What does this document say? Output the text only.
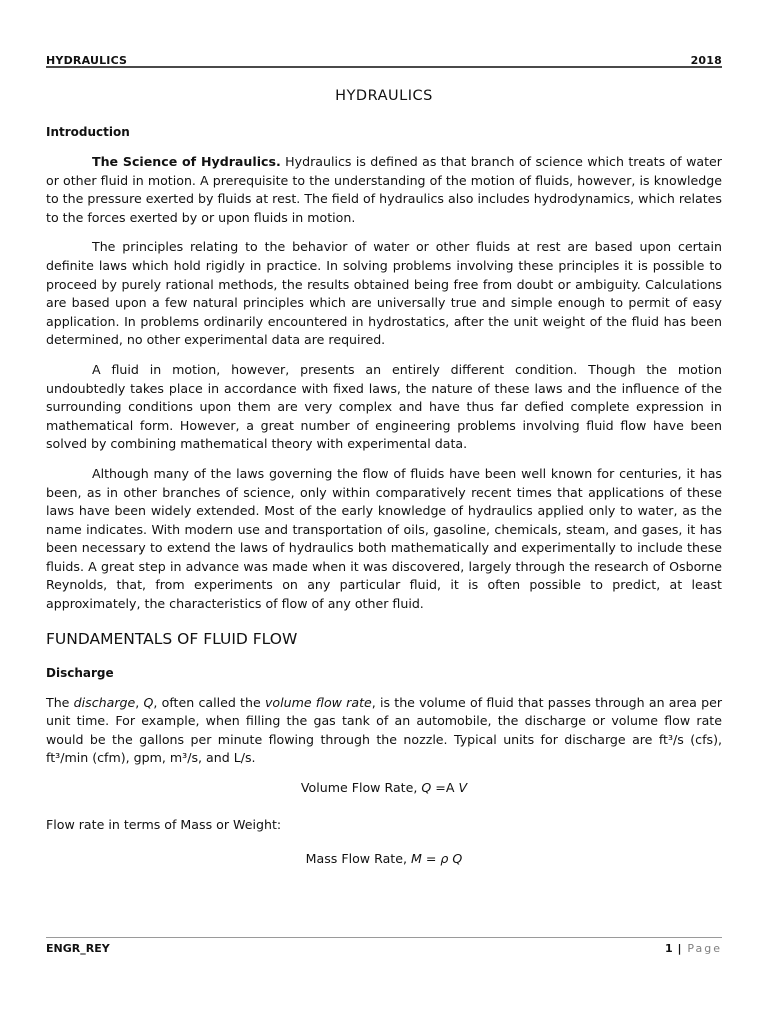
HYDRAULICS	2018
HYDRAULICS
Introduction

The Science of Hydraulics. Hydraulics is defined as that branch of science which treats of water or other fluid in motion. A prerequisite to the understanding of the motion of fluids, however, is knowledge to the pressure exerted by fluids at rest. The field of hydraulics also includes hydrodynamics, which relates to the forces exerted by or upon fluids in motion.

The principles relating to the behavior of water or other fluids at rest are based upon certain definite laws which hold rigidly in practice. In solving problems involving these principles it is possible to proceed by purely rational methods, the results obtained being free from doubt or ambiguity. Calculations are based upon a few natural principles which are universally true and simple enough to permit of easy application. In problems ordinarily encountered in hydrostatics, after the unit weight of the fluid has been determined, no other experimental data are required.

A fluid in motion, however, presents an entirely different condition. Though the motion undoubtedly takes place in accordance with fixed laws, the nature of these laws and the influence of the surrounding conditions upon them are very complex and have thus far defied complete expression in mathematical form. However, a great number of engineering problems involving fluid flow have been solved by combining mathematical theory with experimental data.

Although many of the laws governing the flow of fluids have been well known for centuries, it has been, as in other branches of science, only within comparatively recent times that applications of these laws have been widely extended. Most of the early knowledge of hydraulics applied only to water, as the name indicates. With modern use and transportation of oils, gasoline, chemicals, steam, and gases, it has been necessary to extend the laws of hydraulics both mathematically and experimentally to include these fluids. A great step in advance was made when it was discovered, largely through the research of Osborne Reynolds, that, from experiments on any particular fluid, it is often possible to predict, at least approximately, the characteristics of flow of any other fluid.

FUNDAMENTALS OF FLUID FLOW
Discharge

The discharge, Q, often called the volume flow rate, is the volume of fluid that passes through an area per unit time. For example, when filling the gas tank of an automobile, the discharge or volume flow rate would be the gallons per minute flowing through the nozzle. Typical units for discharge are ft³/s (cfs), ft³/min (cfm), gpm, m³/s, and L/s.

Volume Flow Rate, Q =A V
Flow rate in terms of Mass or Weight:
Mass Flow Rate, M = ρ Q
ENGR_REY	1 | Page
